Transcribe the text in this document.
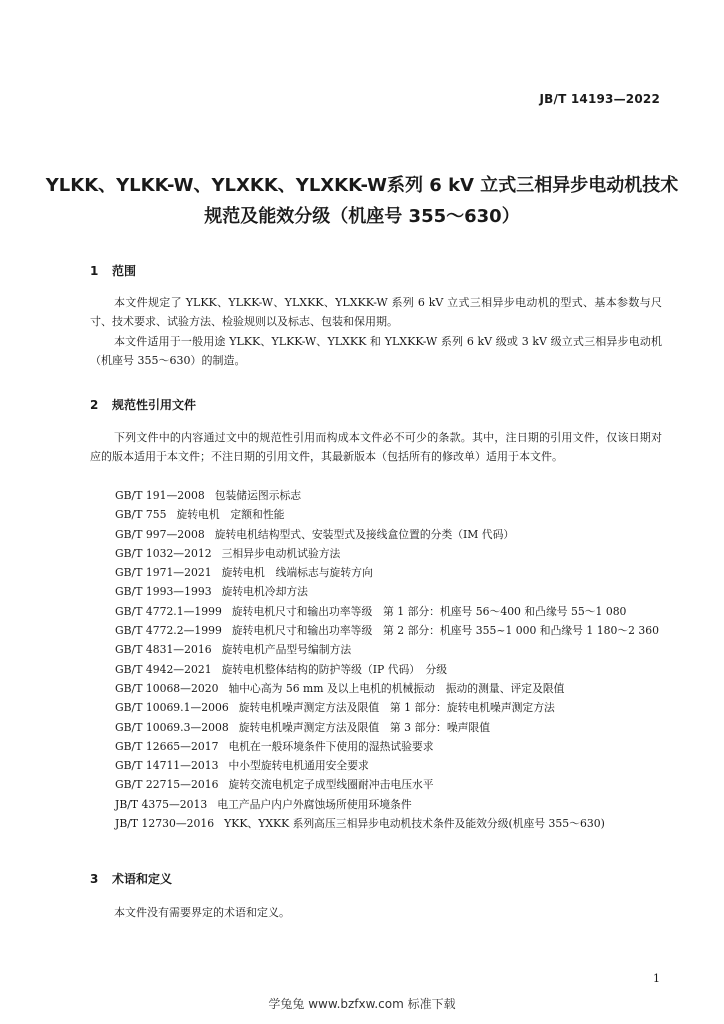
JB/T 14193—2022
YLKK、YLKK-W、YLXKK、YLXKK-W系列 6 kV 立式三相异步电动机技术
规范及能效分级（机座号 355～630）
1 范围
本文件规定了 YLKK、YLKK-W、YLXKK、YLXKK-W 系列 6 kV 立式三相异步电动机的型式、基本参数与尺寸、技术要求、试验方法、检验规则以及标志、包装和保用期。
本文件适用于一般用途 YLKK、YLKK-W、YLXKK 和 YLXKK-W 系列 6 kV 级或 3 kV 级立式三相异步电动机（机座号 355～630）的制造。
2 规范性引用文件
下列文件中的内容通过文中的规范性引用而构成本文件必不可少的条款。其中，注日期的引用文件，仅该日期对应的版本适用于本文件；不注日期的引用文件，其最新版本（包括所有的修改单）适用于本文件。
GB/T 191—2008 包装储运图示标志
GB/T 755 旋转电机　定额和性能
GB/T 997—2008 旋转电机结构型式、安装型式及接线盒位置的分类（IM 代码）
GB/T 1032—2012 三相异步电动机试验方法
GB/T 1971—2021 旋转电机　线端标志与旋转方向
GB/T 1993—1993 旋转电机冷却方法
GB/T 4772.1—1999 旋转电机尺寸和输出功率等级　第 1 部分：机座号 56～400 和凸缘号 55～1 080
GB/T 4772.2—1999 旋转电机尺寸和输出功率等级　第 2 部分：机座号 355~1 000 和凸缘号 1 180～2 360
GB/T 4831—2016 旋转电机产品型号编制方法
GB/T 4942—2021 旋转电机整体结构的防护等级（IP 代码）　分级
GB/T 10068—2020 轴中心高为 56 mm 及以上电机的机械振动　振动的测量、评定及限值
GB/T 10069.1—2006 旋转电机噪声测定方法及限值　第 1 部分：旋转电机噪声测定方法
GB/T 10069.3—2008 旋转电机噪声测定方法及限值　第 3 部分：噪声限值
GB/T 12665—2017 电机在一般环境条件下使用的湿热试验要求
GB/T 14711—2013 中小型旋转电机通用安全要求
GB/T 22715—2016 旋转交流电机定子成型线圈耐冲击电压水平
JB/T 4375—2013 电工产品户内户外腐蚀场所使用环境条件
JB/T 12730—2016 YKK、YXKK 系列高压三相异步电动机技术条件及能效分级(机座号 355～630)
3 术语和定义
本文件没有需要界定的术语和定义。
1
学兔兔 www.bzfxw.com 标准下载
